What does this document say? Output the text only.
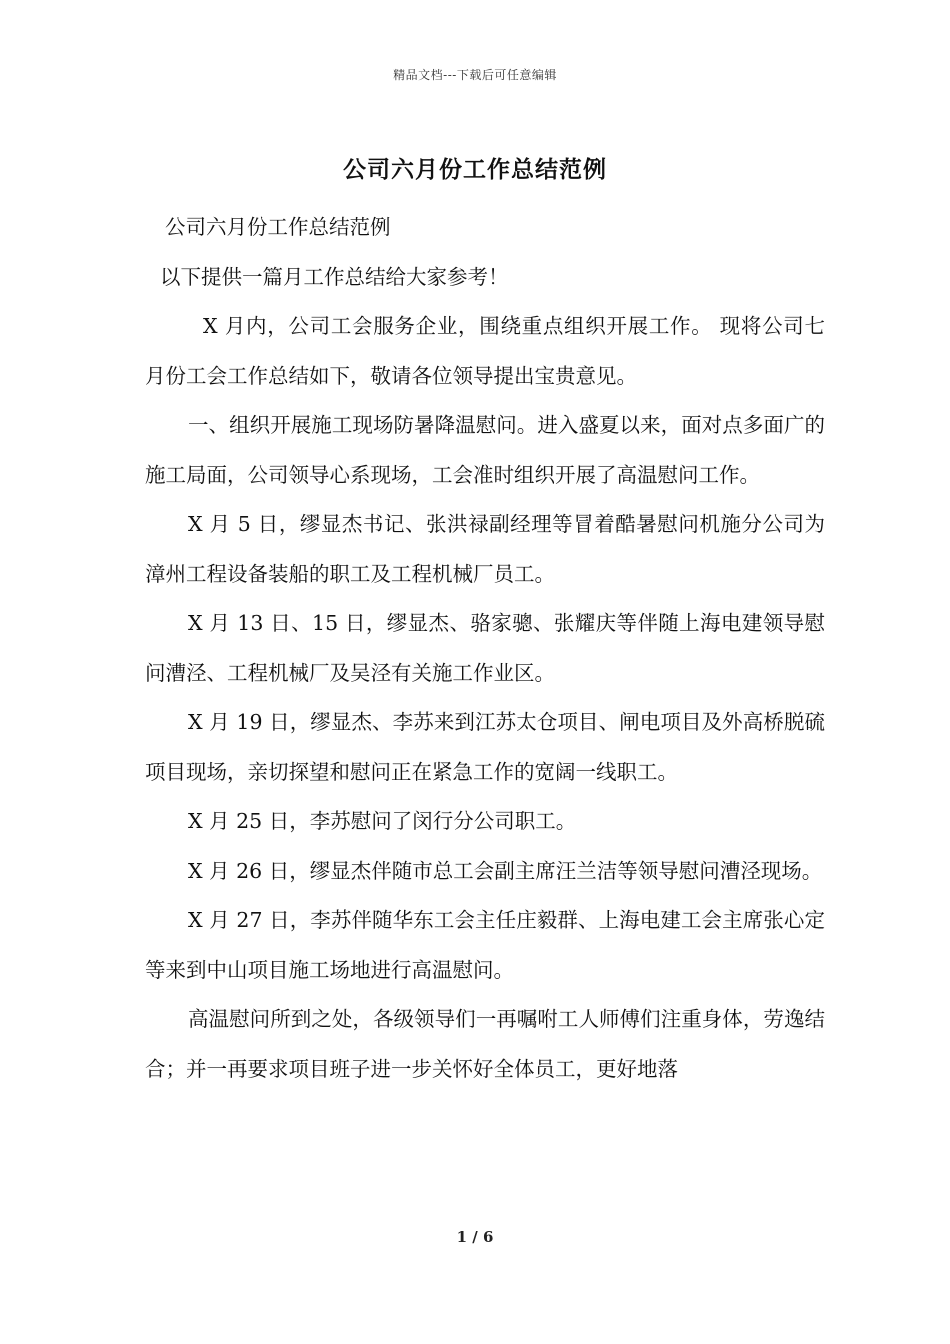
精品文档---下载后可任意编辑
公司六月份工作总结范例

公司六月份工作总结范例

以下提供一篇月工作总结给大家参考！

X 月内，公司工会服务企业，围绕重点组织开展工作。 现将公司七月份工会工作总结如下，敬请各位领导提出宝贵意见。

一、组织开展施工现场防暑降温慰问。进入盛夏以来，面对点多面广的施工局面，公司领导心系现场，工会准时组织开展了高温慰问工作。

X 月 5 日，缪显杰书记、张洪禄副经理等冒着酷暑慰问机施分公司为漳州工程设备装船的职工及工程机械厂员工。

X 月 13 日、15 日，缪显杰、骆家骢、张耀庆等伴随上海电建领导慰问漕泾、工程机械厂及吴泾有关施工作业区。

X 月 19 日，缪显杰、李苏来到江苏太仓项目、闸电项目及外高桥脱硫项目现场，亲切探望和慰问正在紧急工作的宽阔一线职工。

X 月 25 日，李苏慰问了闵行分公司职工。

X 月 26 日，缪显杰伴随市总工会副主席汪兰洁等领导慰问漕泾现场。

X 月 27 日，李苏伴随华东工会主任庄毅群、上海电建工会主席张心定等来到中山项目施工场地进行高温慰问。

高温慰问所到之处，各级领导们一再嘱咐工人师傅们注重身体，劳逸结合；并一再要求项目班子进一步关怀好全体员工，更好地落

1 / 6
